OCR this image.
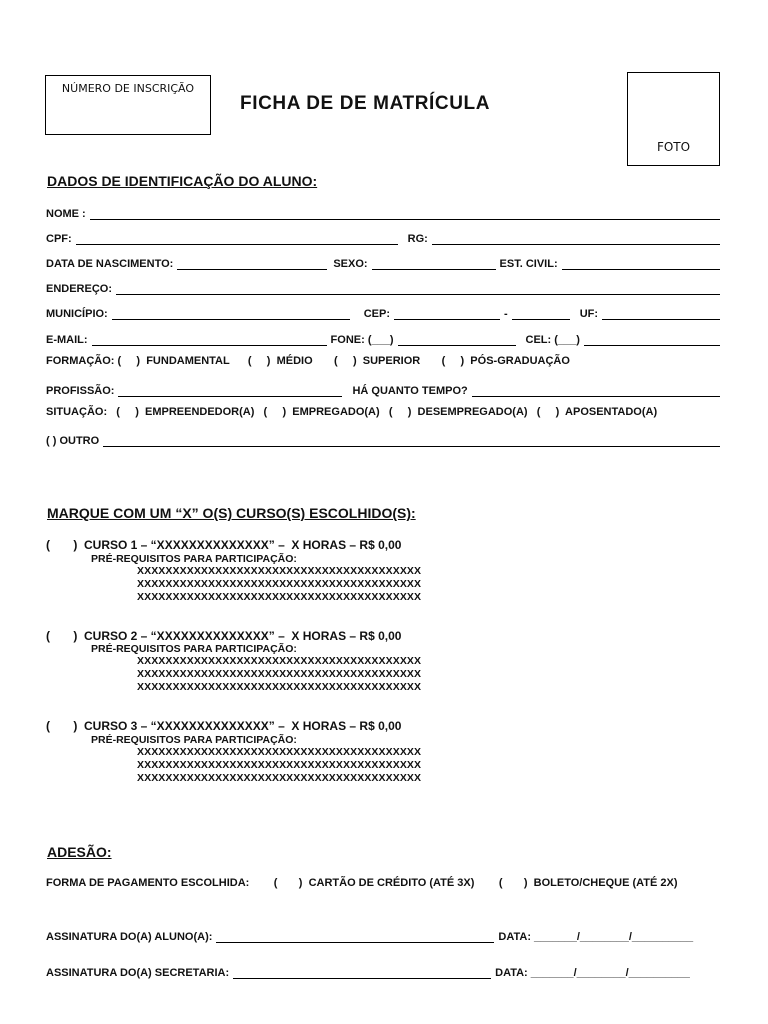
NÚMERO DE INSCRIÇÃO
FICHA DE DE MATRÍCULA
FOTO
DADOS DE IDENTIFICAÇÃO DO ALUNO:
NOME :
CPF:	RG:
DATA DE NASCIMENTO:	SEXO:	EST. CIVIL:
ENDEREÇO:
MUNICÍPIO:	CEP:	-	UF:
E-MAIL:	FONE: (___)	CEL: (___)
FORMAÇÃO: (     )  FUNDAMENTAL      (     )  MÉDIO       (     )  SUPERIOR       (     )  PÓS-GRADUAÇÃO
PROFISSÃO:	HÁ QUANTO TEMPO?
SITUAÇÃO:   (     )  EMPREENDEDOR(A)   (     )  EMPREGADO(A)   (     )  DESEMPREGADO(A)   (     )  APOSENTADO(A)
( ) OUTRO
MARQUE COM UM “X” O(S) CURSO(S) ESCOLHIDO(S):
(       )  CURSO 1 – “XXXXXXXXXXXXXX” –  X HORAS – R$ 0,00
PRÉ-REQUISITOS PARA PARTICIPAÇÃO:
XXXXXXXXXXXXXXXXXXXXXXXXXXXXXXXXXXXXXXXX
XXXXXXXXXXXXXXXXXXXXXXXXXXXXXXXXXXXXXXXX
XXXXXXXXXXXXXXXXXXXXXXXXXXXXXXXXXXXXXXXX
(       )  CURSO 2 – “XXXXXXXXXXXXXX” –  X HORAS – R$ 0,00
PRÉ-REQUISITOS PARA PARTICIPAÇÃO:
XXXXXXXXXXXXXXXXXXXXXXXXXXXXXXXXXXXXXXXX
XXXXXXXXXXXXXXXXXXXXXXXXXXXXXXXXXXXXXXXX
XXXXXXXXXXXXXXXXXXXXXXXXXXXXXXXXXXXXXXXX
(       )  CURSO 3 – “XXXXXXXXXXXXXX” –  X HORAS – R$ 0,00
PRÉ-REQUISITOS PARA PARTICIPAÇÃO:
XXXXXXXXXXXXXXXXXXXXXXXXXXXXXXXXXXXXXXXX
XXXXXXXXXXXXXXXXXXXXXXXXXXXXXXXXXXXXXXXX
XXXXXXXXXXXXXXXXXXXXXXXXXXXXXXXXXXXXXXXX
ADESÃO:
FORMA DE PAGAMENTO ESCOLHIDA:        (       )  CARTÃO DE CRÉDITO (ATÉ 3X)        (       )  BOLETO/CHEQUE (ATÉ 2X)
ASSINATURA DO(A) ALUNO(A):	DATA: _______/________/__________
ASSINATURA DO(A) SECRETARIA:	DATA: _______/________/__________
